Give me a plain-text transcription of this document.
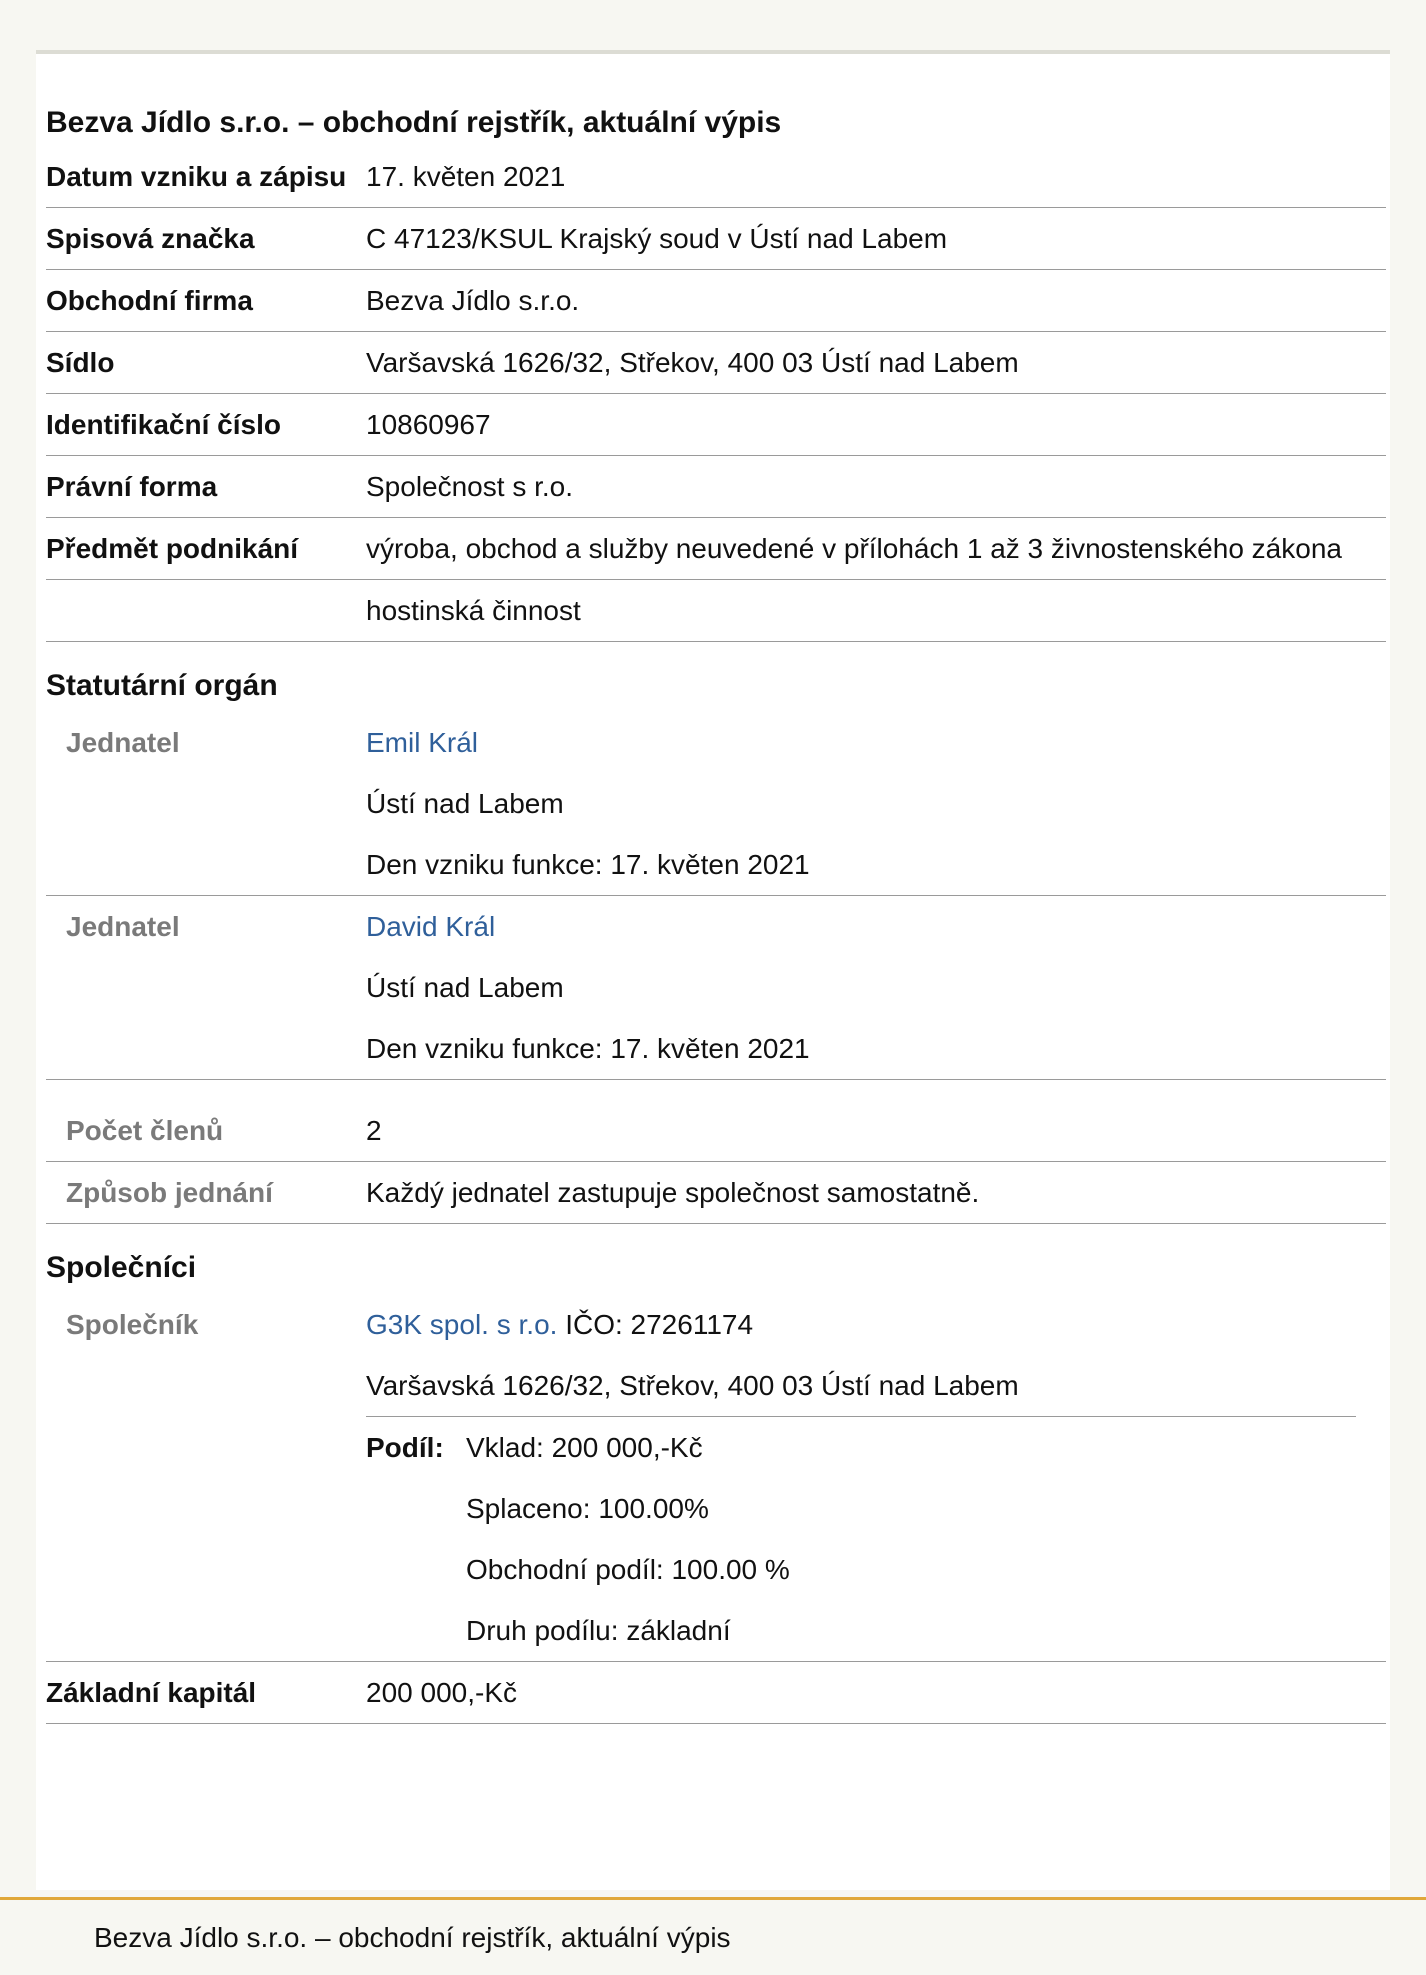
Bezva Jídlo s.r.o. – obchodní rejstřík, aktuální výpis
Datum vzniku a zápisu 17. květen 2021
Spisová značka	C 47123/KSUL Krajský soud v Ústí nad Labem
Obchodní firma	Bezva Jídlo s.r.o.
Sídlo	Varšavská 1626/32, Střekov, 400 03 Ústí nad Labem
Identifikační číslo	10860967
Právní forma	Společnost s r.o.
Předmět podnikání	výroba, obchod a služby neuvedené v přílohách 1 až 3 živnostenského zákona
hostinská činnost
Statutární orgán
Jednatel	Emil Král
Ústí nad Labem
Den vzniku funkce: 17. květen 2021
Jednatel	David Král
Ústí nad Labem
Den vzniku funkce: 17. květen 2021
Počet členů	2
Způsob jednání	Každý jednatel zastupuje společnost samostatně.
Společníci
Společník	G3K spol. s r.o. IČO: 27261174
Varšavská 1626/32, Střekov, 400 03 Ústí nad Labem
Podíl: Vklad: 200 000,-Kč
Splaceno: 100.00%
Obchodní podíl: 100.00 %
Druh podílu: základní
Základní kapitál	200 000,-Kč
Bezva Jídlo s.r.o. – obchodní rejstřík, aktuální výpis
